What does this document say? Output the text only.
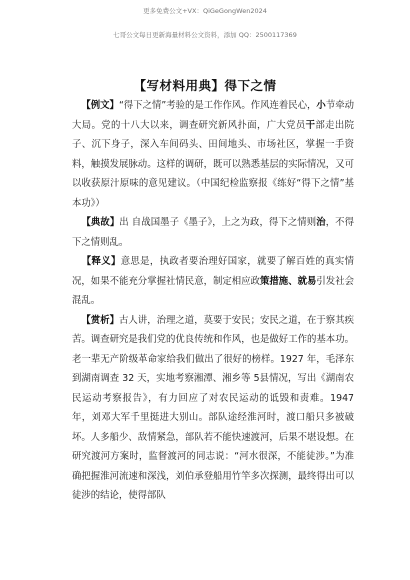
更多免费公文+VX：QiGeGongWen2024
七哥公文每日更新海量材料公文资料，添加 QQ：2500117369
【写材料用典】得下之情

 【例文】“得下之情”考验的是工作作风。作风连着民心，小节牵动大局。党的十八大以来，调查研究新风扑面，广大党员干部走出院子、沉下身子，深入车间码头、田间地头、市场社区，掌握一手资料，触摸发展脉动。这样的调研，既可以熟悉基层的实际情况，又可以收获原汁原味的意见建议。（中国纪检监察报《练好“得下之情”基本功》）

 【典故】出 自战国墨子《墨子》，上之为政，得下之情则治，不得下之情则乱。

 【释义】意思是，执政者要治理好国家，就要了解百姓的真实情况，如果不能充分掌握社情民意，制定相应政策措施、就易引发社会混乱。

 【赏析】古人讲，治理之道，莫要于安民；安民之道，在于察其疾苦。调查研究是我们党的优良传统和作风，也是做好工作的基本功。老一辈无产阶级革命家给我们做出了很好的榜样。1927 年，毛泽东到湖南调查 32 天，实地考察湘潭、湘乡等 5县情况，写出《湖南农民运动考察报告》，有力回应了对农民运动的诋毁和责难。1947 年，刘邓大军千里挺进大别山。部队途经淮河时，渡口船只多被破坏。人多船少、敌情紧急，部队若不能快速渡河，后果不堪设想。在研究渡河方案时，监督渡河的同志说：“河水很深，不能徒涉。”为准确把握淮河流速和深浅，刘伯承登船用竹竿多次探测，最终得出可以徒涉的结论，使得部队
